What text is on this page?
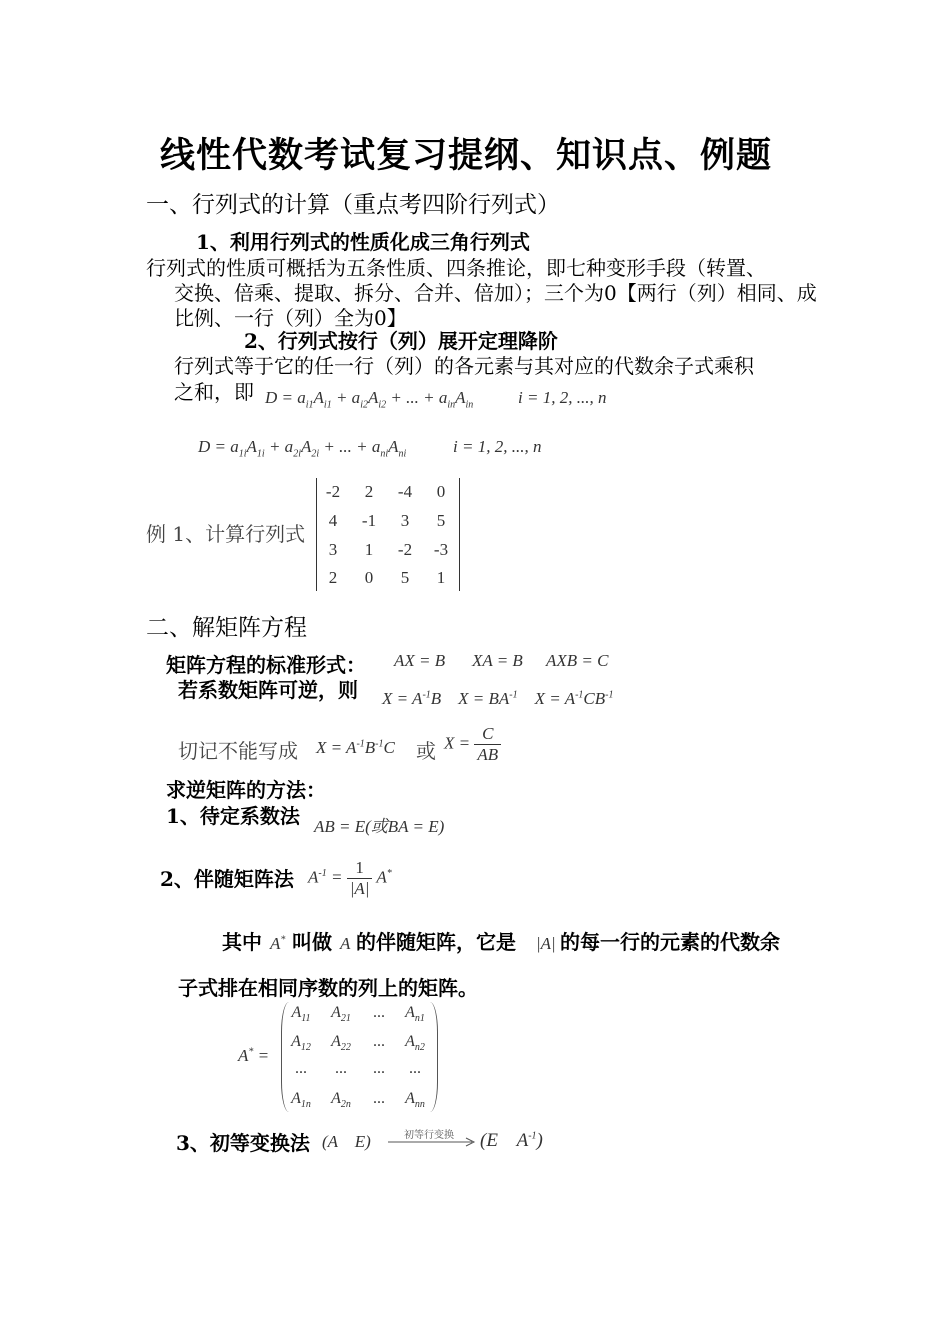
线性代数考试复习提纲、知识点、例题
一、行列式的计算（重点考四阶行列式）
1、利用行列式的性质化成三角行列式
行列式的性质可概括为五条性质、四条推论，即七种变形手段（转置、
交换、倍乘、提取、拆分、合并、倍加）；三个为0【两行（列）相同、成
比例、一行（列）全为0】
2、行列式按行（列）展开定理降阶
行列式等于它的任一行（列）的各元素与其对应的代数余子式乘积
之和，即 $D = a_{i1}A_{i1} + a_{i2}A_{i2}$ + ... + $a_{in}A_{in}$	i = 1, 2, ..., n
$D = a_{1i}A_{1i} + a_{2i}A_{2i}$ + ... + $a_{ni}A_{ni}$	i = 1, 2, ..., n
例 1、计算行列式
-2	2	-4	0
4	-1	3	5
3	1	-2	-3
2	0	5	1
二、解矩阵方程
矩阵方程的标准形式： AX = B XA = B AXB = C
若系数矩阵可逆，则 $X = A^{-1}B$    $X = BA^{-1}$    $X = A^{-1}CB^{-1}$
切记不能写成 $X = A^{-1}B^{-1}C$ 或 $X = \frac{C}{AB}$
求逆矩阵的方法：
1、待定系数法 AB = E(或BA = E)
2、伴随矩阵法 $A^{-1} = \frac{1}{|A|} A^*$
其中 A* 叫做 A 的伴随矩阵，它是 |A| 的每一行的元素的代数余
子式排在相同序数的列上的矩阵。
A* =
$A_{11}$	$A_{21}$	...	$A_{n1}$
$A_{12}$	$A_{22}$	...	$A_{n2}$
...	...	...	...
$A_{1n}$	$A_{2n}$	...	$A_{nn}$
3、初等变换法 (A    E)	初等行变换 (E    $A^{-1}$)
